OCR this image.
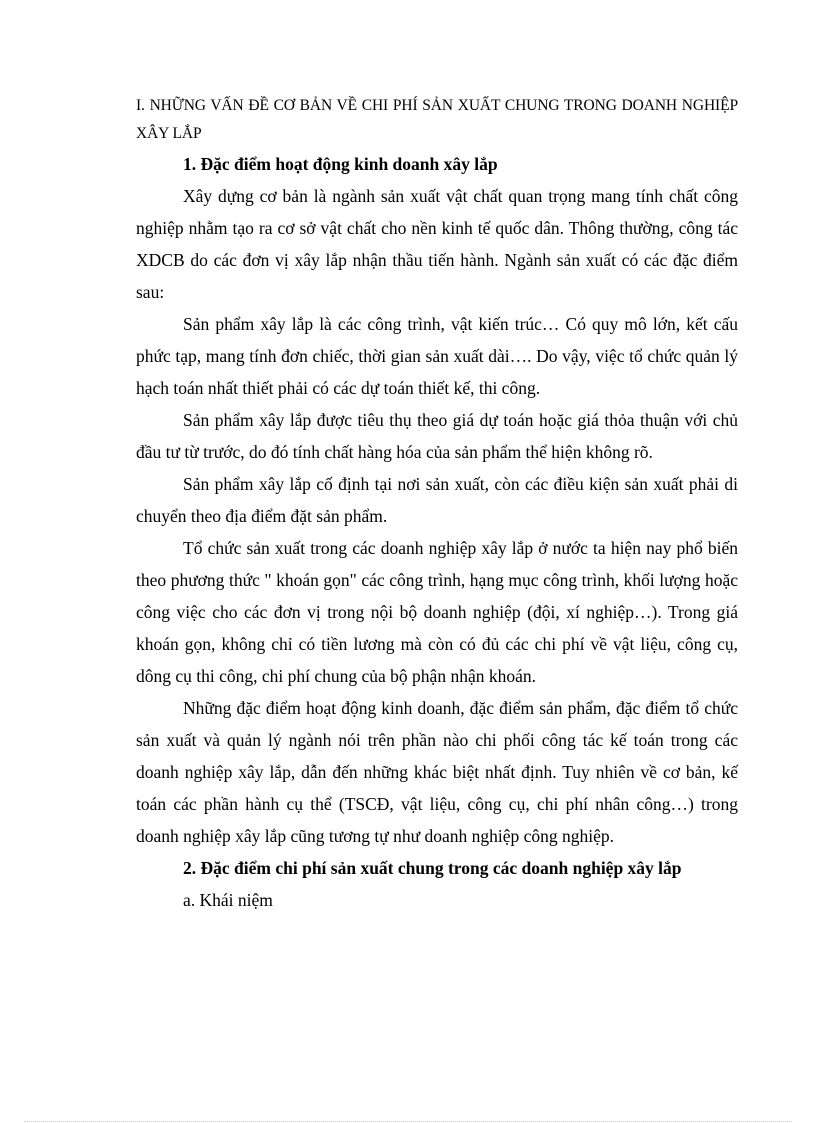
I. NHỮNG VẤN ĐỀ CƠ BẢN VỀ CHI PHÍ SẢN XUẤT CHUNG TRONG DOANH NGHIỆP XÂY LẮP

1. Đặc điểm hoạt động kinh doanh xây lắp

Xây dựng cơ bản là ngành sản xuất vật chất quan trọng mang tính chất công nghiệp nhằm tạo ra cơ sở vật chất cho nền kinh tế quốc dân. Thông thường, công tác XDCB do các đơn vị xây lắp nhận thầu tiến hành. Ngành sản xuất có các đặc điểm sau:

Sản phẩm xây lắp là các công trình, vật kiến trúc… Có quy mô lớn, kết cấu phức tạp, mang tính đơn chiếc, thời gian sản xuất dài…. Do vậy, việc tổ chức quản lý hạch toán nhất thiết phải có các dự toán thiết kế, thi công.

Sản phẩm xây lắp được tiêu thụ theo giá dự toán hoặc giá thỏa thuận với chủ đầu tư từ trước, do đó tính chất hàng hóa của sản phẩm thể hiện không rõ.

Sản phẩm xây lắp cố định tại nơi sản xuất, còn các điều kiện sản xuất phải di chuyển theo địa điểm đặt sản phẩm.

Tổ chức sản xuất trong các doanh nghiệp xây lắp ở nước ta hiện nay phổ biến theo phương thức " khoán gọn" các công trình, hạng mục công trình, khối lượng hoặc công việc cho các đơn vị trong nội bộ doanh nghiệp (đội, xí nghiệp…). Trong giá khoán gọn, không chỉ có tiền lương mà còn có đủ các chi phí về vật liệu, công cụ, dông cụ thi công, chi phí chung của bộ phận nhận khoán.

Những đặc điểm hoạt động kinh doanh, đặc điểm sản phẩm, đặc điểm tổ chức sản xuất và quản lý ngành nói trên phần nào chi phối công tác kế toán trong các doanh nghiệp xây lắp, dẫn đến những khác biệt nhất định. Tuy nhiên về cơ bản, kế toán các phần hành cụ thể (TSCĐ, vật liệu, công cụ, chi phí nhân công…) trong doanh nghiệp xây lắp cũng tương tự như doanh nghiệp công nghiệp.

2. Đặc điểm chi phí sản xuất chung trong các doanh nghiệp xây lắp

a. Khái niệm
